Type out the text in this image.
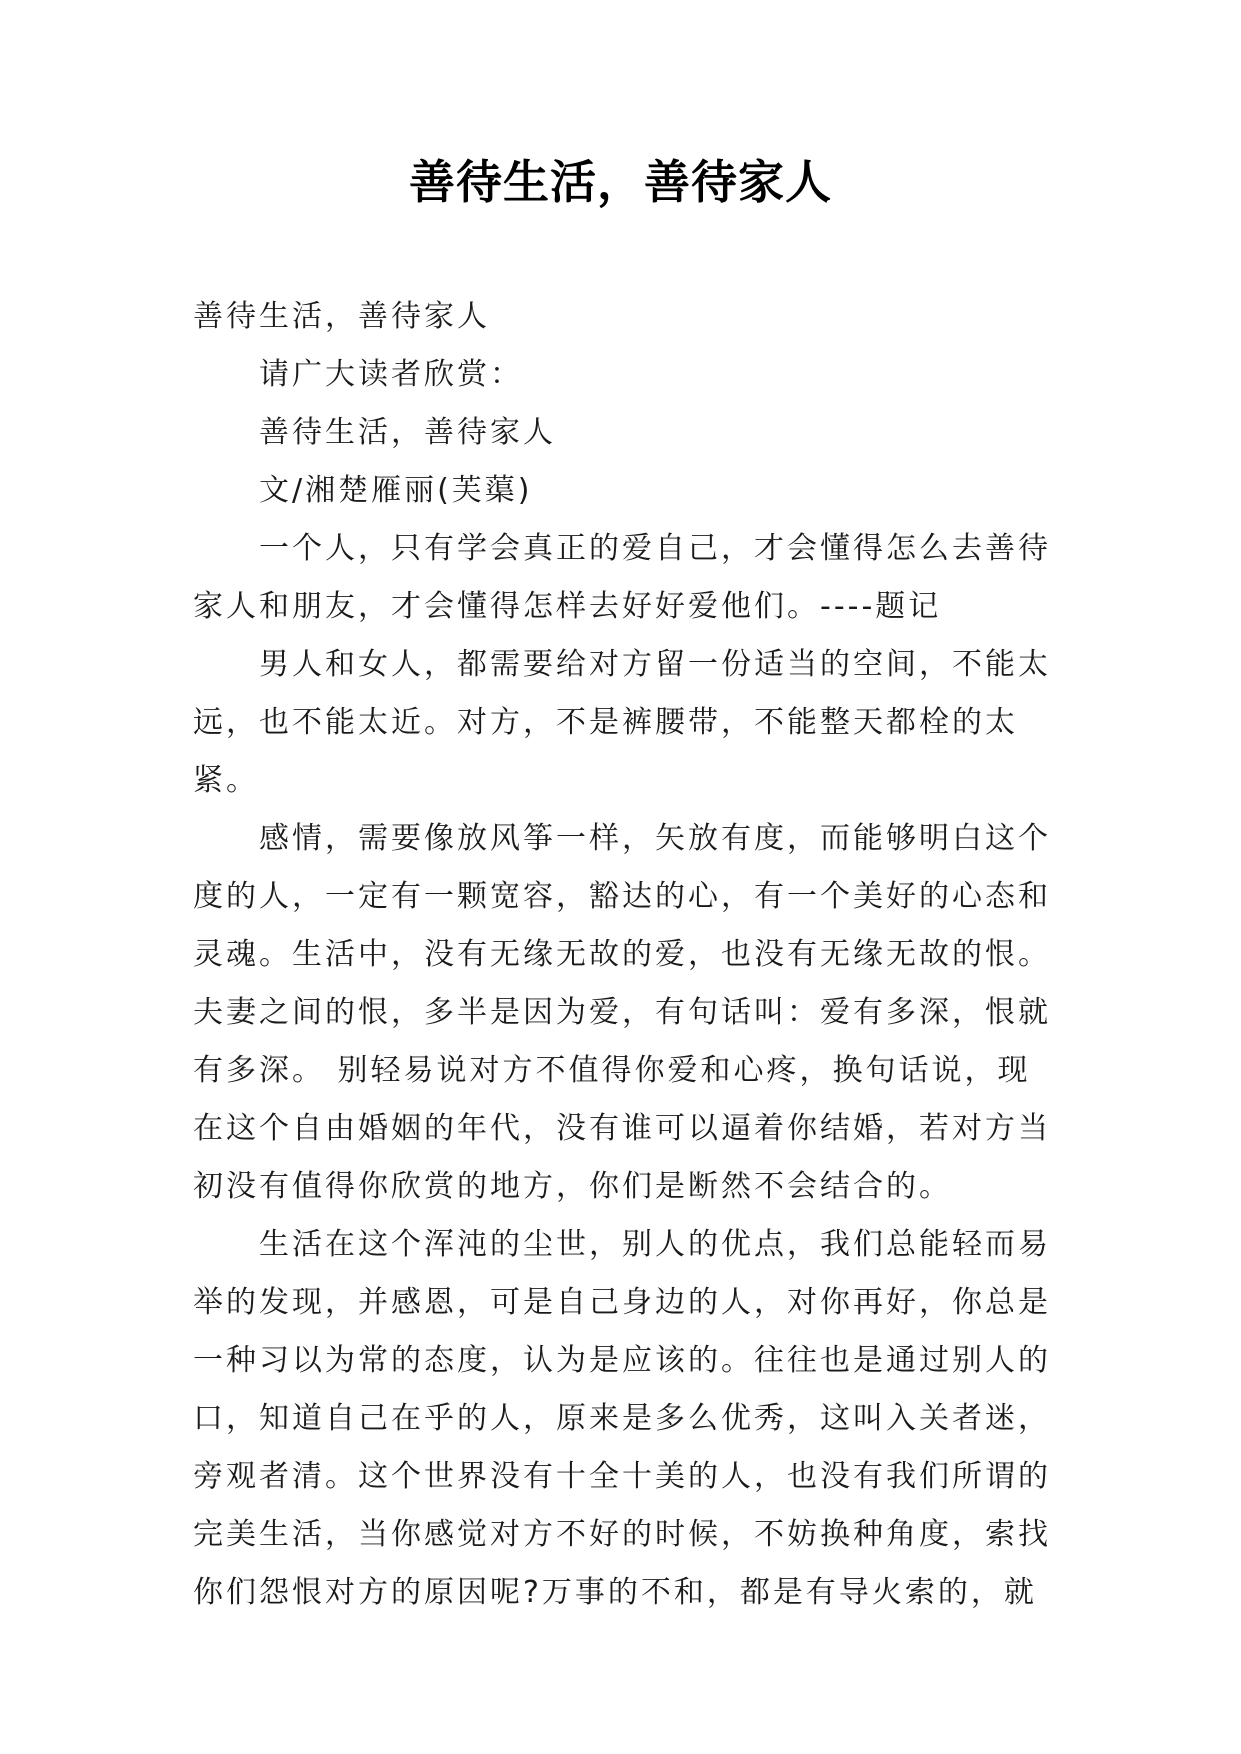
善待生活，善待家人

善待生活，善待家人

请广大读者欣赏：

善待生活，善待家人

文/湘楚雁丽(芙蕖)

一个人，只有学会真正的爱自己，才会懂得怎么去善待家人和朋友，才会懂得怎样去好好爱他们。----题记

男人和女人，都需要给对方留一份适当的空间，不能太远，也不能太近。对方，不是裤腰带，不能整天都栓的太紧。

感情，需要像放风筝一样，矢放有度，而能够明白这个度的人，一定有一颗宽容，豁达的心，有一个美好的心态和灵魂。生活中，没有无缘无故的爱，也没有无缘无故的恨。夫妻之间的恨，多半是因为爱，有句话叫：爱有多深，恨就有多深。 别轻易说对方不值得你爱和心疼，换句话说，现在这个自由婚姻的年代，没有谁可以逼着你结婚，若对方当初没有值得你欣赏的地方，你们是断然不会结合的。

生活在这个浑沌的尘世，别人的优点，我们总能轻而易举的发现，并感恩，可是自己身边的人，对你再好，你总是一种习以为常的态度，认为是应该的。往往也是通过别人的口，知道自己在乎的人，原来是多么优秀，这叫入关者迷，旁观者清。这个世界没有十全十美的人，也没有我们所谓的完美生活，当你感觉对方不好的时候，不妨换种角度，索找你们怨恨对方的原因呢?万事的不和，都是有导火索的，就
